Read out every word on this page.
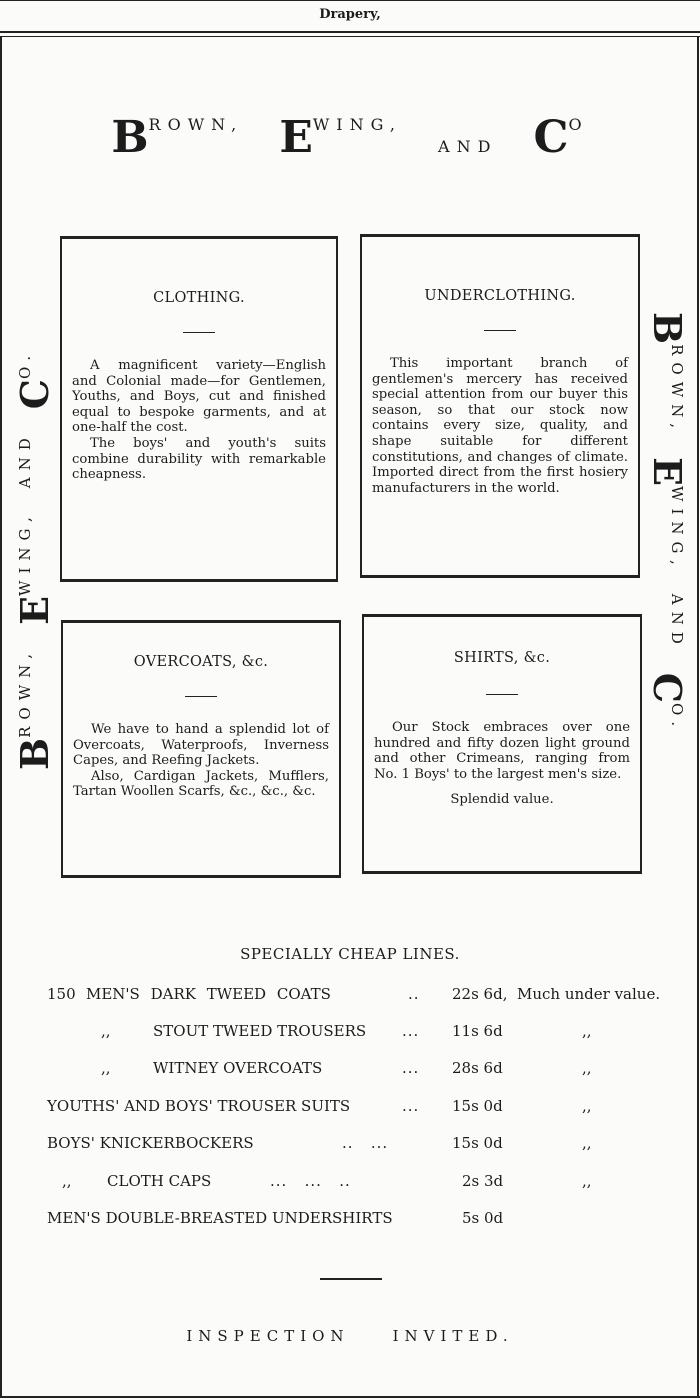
Drapery,
BROWN, EWING, AND CO
BROWN,EWING,ANDCO.
BROWN,EWING,ANDCO.
CLOTHING.

A magnificent variety—English and Colonial made—for Gentlemen, Youths, and Boys, cut and finished equal to bespoke garments, and at one-half the cost.

The boys' and youth's suits combine durability with remarkable cheapness.

UNDERCLOTHING.

This important branch of gentlemen's mercery has received special attention from our buyer this season, so that our stock now contains every size, quality, and shape suitable for different constitutions, and changes of climate. Imported direct from the first hosiery manufacturers in the world.

OVERCOATS, &c.

We have to hand a splendid lot of Overcoats, Waterproofs, Inverness Capes, and Reefing Jackets.

Also, Cardigan Jackets, Mufflers, Tartan Woollen Scarfs, &c., &c., &c.

SHIRTS, &c.

Our Stock embraces over one hundred and fifty dozen light ground and other Crimeans, ranging from No. 1 Boys' to the largest men's size.

Splendid value.

SPECIALLY CHEAP LINES.
150 MEN'S DARK TWEED COATS	.. 22s 6d, Much under value.
,,	STOUT TWEED TROUSERS ... 11s 6d	,,
,,	WITNEY OVERCOATS	... 28s 6d	,,
YOUTHS' AND BOYS' TROUSER SUITS	... 15s 0d	,,
BOYS' KNICKERBOCKERS	..   ...	15s 0d	,,
,, CLOTH CAPS	...   ...   ..	2s 3d	,,
MEN'S DOUBLE-BREASTED UNDERSHIRTS	5s 0d
INSPECTION    INVITED.
